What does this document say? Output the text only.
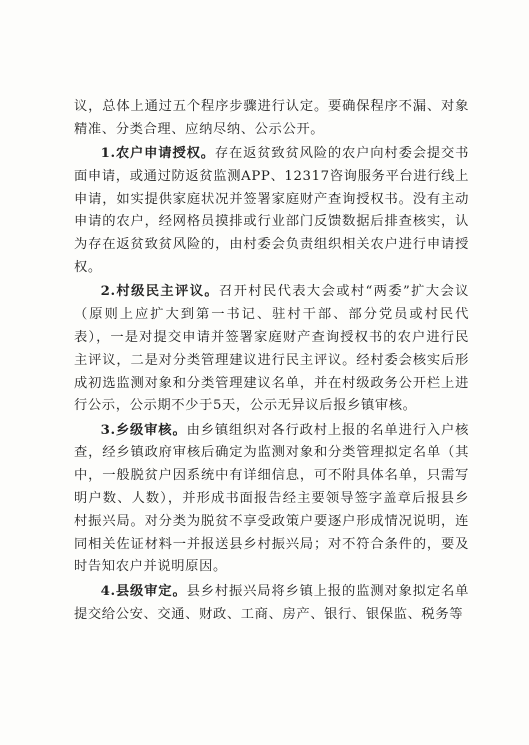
议，总体上通过五个程序步骤进行认定。要确保程序不漏、对象精准、分类合理、应纳尽纳、公示公开。

1.农户申请授权。存在返贫致贫风险的农户向村委会提交书面申请，或通过防返贫监测APP、12317咨询服务平台进行线上申请，如实提供家庭状况并签署家庭财产查询授权书。没有主动申请的农户，经网格员摸排或行业部门反馈数据后排查核实，认为存在返贫致贫风险的，由村委会负责组织相关农户进行申请授权。

2.村级民主评议。召开村民代表大会或村“两委”扩大会议（原则上应扩大到第一书记、驻村干部、部分党员或村民代表），一是对提交申请并签署家庭财产查询授权书的农户进行民主评议，二是对分类管理建议进行民主评议。经村委会核实后形成初选监测对象和分类管理建议名单，并在村级政务公开栏上进行公示，公示期不少于5天，公示无异议后报乡镇审核。

3.乡级审核。由乡镇组织对各行政村上报的名单进行入户核查，经乡镇政府审核后确定为监测对象和分类管理拟定名单（其中，一般脱贫户因系统中有详细信息，可不附具体名单，只需写明户数、人数），并形成书面报告经主要领导签字盖章后报县乡村振兴局。对分类为脱贫不享受政策户要逐户形成情况说明，连同相关佐证材料一并报送县乡村振兴局；对不符合条件的，要及时告知农户并说明原因。

4.县级审定。县乡村振兴局将乡镇上报的监测对象拟定名单提交给公安、交通、财政、工商、房产、银行、银保监、税务等
